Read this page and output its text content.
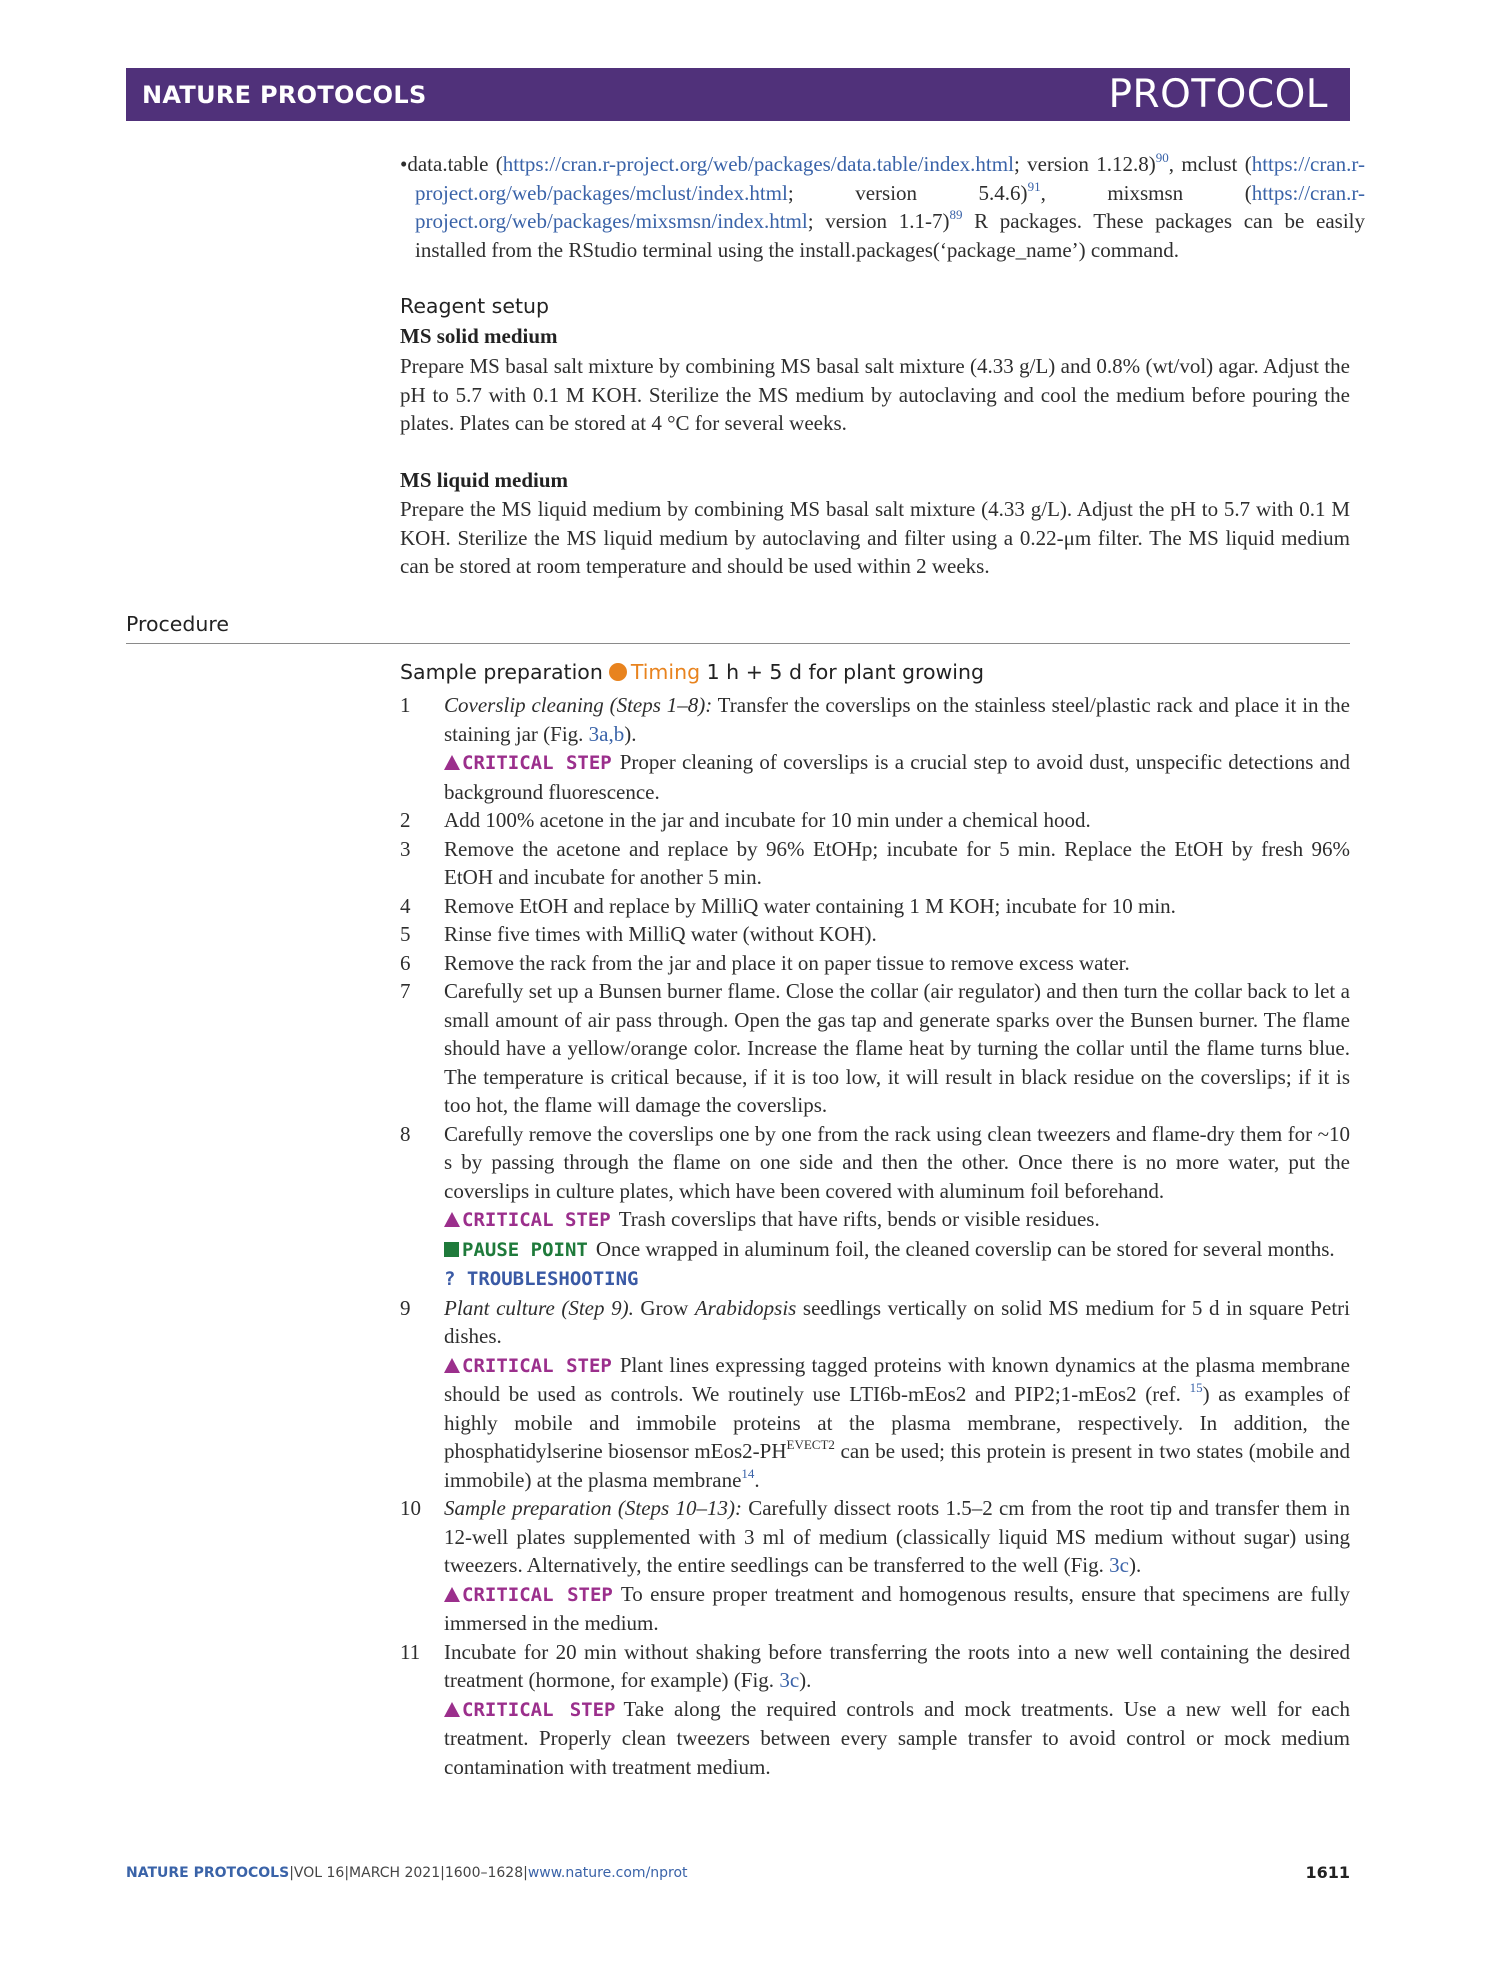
NATURE PROTOCOLS	PROTOCOL
•data.table (https://cran.r-project.org/web/packages/data.table/index.html; version 1.12.8)$^{90}$, mclust (https://cran.r-project.org/web/packages/mclust/index.html; version 5.4.6)$^{91}$, mixsmsn (https://cran.r-project.org/web/packages/mixsmsn/index.html; version 1.1-7)$^{89}$ R packages. These packages can be easily installed from the RStudio terminal using the install.packages(‘package_name’) command.
Reagent setup
MS solid medium
Prepare MS basal salt mixture by combining MS basal salt mixture (4.33 g/L) and 0.8% (wt/vol) agar. Adjust the pH to 5.7 with 0.1 M KOH. Sterilize the MS medium by autoclaving and cool the medium before pouring the plates. Plates can be stored at 4 °C for several weeks.
MS liquid medium
Prepare the MS liquid medium by combining MS basal salt mixture (4.33 g/L). Adjust the pH to 5.7 with 0.1 M KOH. Sterilize the MS liquid medium by autoclaving and filter using a 0.22-μm filter. The MS liquid medium can be stored at room temperature and should be used within 2 weeks.
Procedure
Sample preparation Timing 1 h + 5 d for plant growing
1 Coverslip cleaning (Steps 1–8): Transfer the coverslips on the stainless steel/plastic rack and place it in the staining jar (Fig. 3a,b).
CRITICAL STEP Proper cleaning of coverslips is a crucial step to avoid dust, unspecific detections and background fluorescence.
2 Add 100% acetone in the jar and incubate for 10 min under a chemical hood.
3 Remove the acetone and replace by 96% EtOHp; incubate for 5 min. Replace the EtOH by fresh 96% EtOH and incubate for another 5 min.
4 Remove EtOH and replace by MilliQ water containing 1 M KOH; incubate for 10 min.
5 Rinse five times with MilliQ water (without KOH).
6 Remove the rack from the jar and place it on paper tissue to remove excess water.
7 Carefully set up a Bunsen burner flame. Close the collar (air regulator) and then turn the collar back to let a small amount of air pass through. Open the gas tap and generate sparks over the Bunsen burner. The flame should have a yellow/orange color. Increase the flame heat by turning the collar until the flame turns blue. The temperature is critical because, if it is too low, it will result in black residue on the coverslips; if it is too hot, the flame will damage the coverslips.
8 Carefully remove the coverslips one by one from the rack using clean tweezers and flame-dry them for ~10 s by passing through the flame on one side and then the other. Once there is no more water, put the coverslips in culture plates, which have been covered with aluminum foil beforehand.
CRITICAL STEP Trash coverslips that have rifts, bends or visible residues.
PAUSE POINT Once wrapped in aluminum foil, the cleaned coverslip can be stored for several months.
? TROUBLESHOOTING
9 Plant culture (Step 9). Grow Arabidopsis seedlings vertically on solid MS medium for 5 d in square Petri dishes.
CRITICAL STEP Plant lines expressing tagged proteins with known dynamics at the plasma membrane should be used as controls. We routinely use LTI6b-mEos2 and PIP2;1-mEos2 (ref. $^{15}$) as examples of highly mobile and immobile proteins at the plasma membrane, respectively. In addition, the phosphatidylserine biosensor $mEos2-PH^{EVECT2}$ can be used; this protein is present in two states (mobile and immobile) at the plasma membrane$^{14}$.
10 Sample preparation (Steps 10–13): Carefully dissect roots 1.5–2 cm from the root tip and transfer them in 12-well plates supplemented with 3 ml of medium (classically liquid MS medium without sugar) using tweezers. Alternatively, the entire seedlings can be transferred to the well (Fig. 3c).
CRITICAL STEP To ensure proper treatment and homogenous results, ensure that specimens are fully immersed in the medium.
11 Incubate for 20 min without shaking before transferring the roots into a new well containing the desired treatment (hormone, for example) (Fig. 3c).
CRITICAL STEP Take along the required controls and mock treatments. Use a new well for each treatment. Properly clean tweezers between every sample transfer to avoid control or mock medium contamination with treatment medium.
NATURE PROTOCOLS|VOL 16|MARCH 2021|1600–1628|www.nature.com/nprot	1611
